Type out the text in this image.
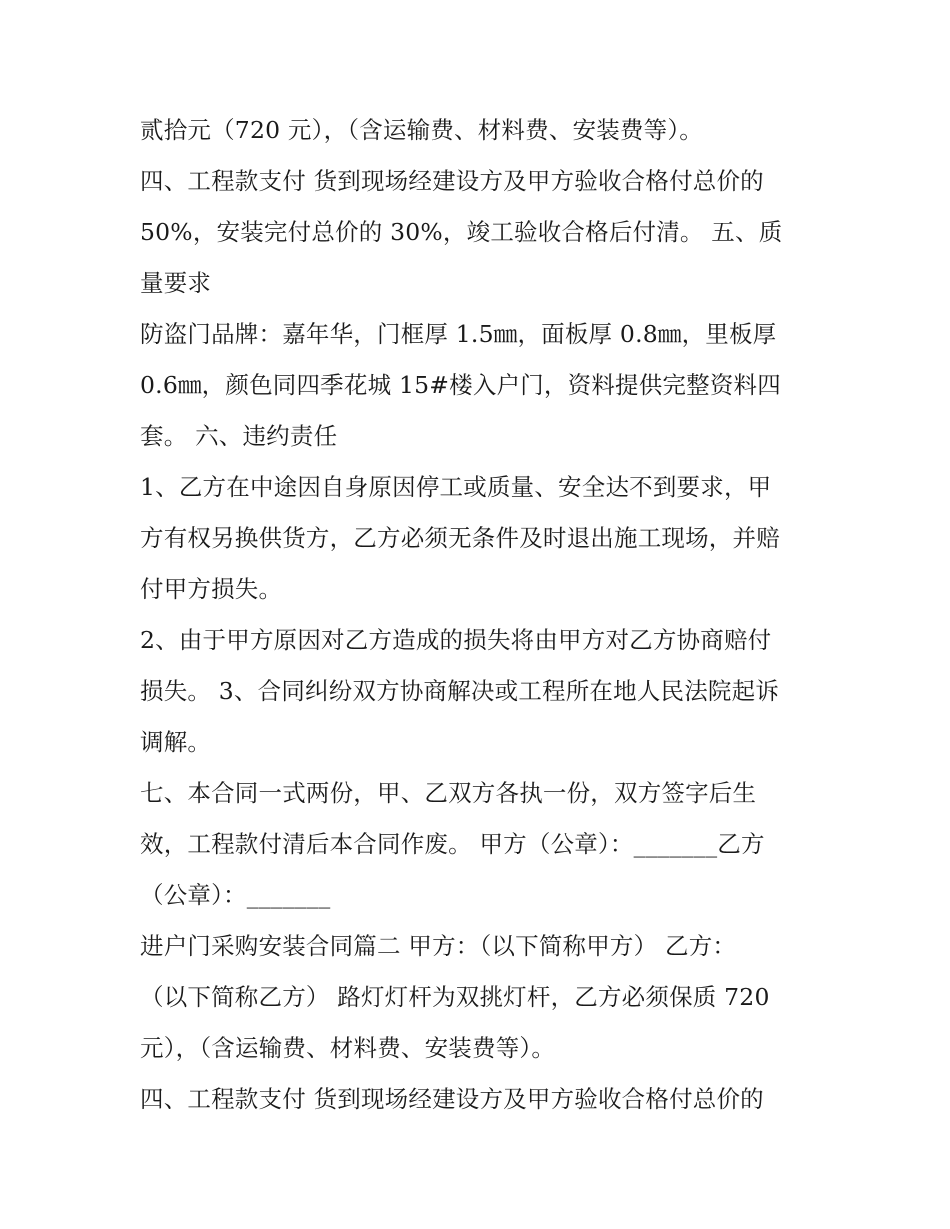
贰拾元（720 元），（含运输费、材料费、安装费等）。
四、工程款支付 货到现场经建设方及甲方验收合格付总价的
50%，安装完付总价的 30%，竣工验收合格后付清。 五、质
量要求
防盗门品牌：嘉年华，门框厚 1.5㎜，面板厚 0.8㎜，里板厚
0.6㎜，颜色同四季花城 15#楼入户门，资料提供完整资料四
套。 六、违约责任
1、乙方在中途因自身原因停工或质量、安全达不到要求，甲
方有权另换供货方，乙方必须无条件及时退出施工现场，并赔
付甲方损失。
2、由于甲方原因对乙方造成的损失将由甲方对乙方协商赔付
损失。 3、合同纠纷双方协商解决或工程所在地人民法院起诉
调解。
七、本合同一式两份，甲、乙双方各执一份，双方签字后生
效，工程款付清后本合同作废。 甲方（公章）：_______乙方
（公章）：_______
进户门采购安装合同篇二 甲方：（以下简称甲方） 乙方：
（以下简称乙方） 路灯灯杆为双挑灯杆，乙方必须保质 720
元），（含运输费、材料费、安装费等）。
四、工程款支付 货到现场经建设方及甲方验收合格付总价的
